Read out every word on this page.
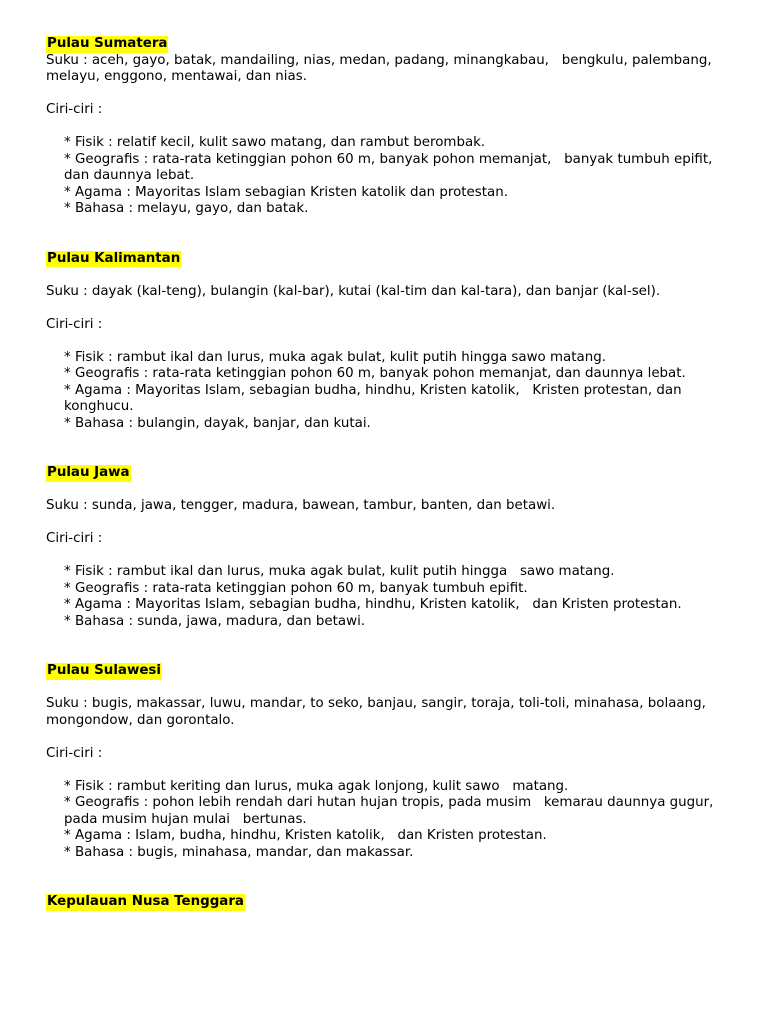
Pulau Sumatera
Suku : aceh, gayo, batak, mandailing, nias, medan, padang, minangkabau,   bengkulu, palembang, melayu, enggono, mentawai, dan nias.
Ciri-ciri :
* Fisik : relatif kecil, kulit sawo matang, dan rambut berombak.
* Geografis : rata-rata ketinggian pohon 60 m, banyak pohon memanjat,   banyak tumbuh epifit, dan daunnya lebat.
* Agama : Mayoritas Islam sebagian Kristen katolik dan protestan.
* Bahasa : melayu, gayo, dan batak.
Pulau Kalimantan
Suku : dayak (kal-teng), bulangin (kal-bar), kutai (kal-tim dan kal-tara), dan banjar (kal-sel).
Ciri-ciri :
* Fisik : rambut ikal dan lurus, muka agak bulat, kulit putih hingga sawo matang.
* Geografis : rata-rata ketinggian pohon 60 m, banyak pohon memanjat, dan daunnya lebat.
* Agama : Mayoritas Islam, sebagian budha, hindhu, Kristen katolik,   Kristen protestan, dan konghucu.
* Bahasa : bulangin, dayak, banjar, dan kutai.
Pulau Jawa
Suku : sunda, jawa, tengger, madura, bawean, tambur, banten, dan betawi.
Ciri-ciri :
* Fisik : rambut ikal dan lurus, muka agak bulat, kulit putih hingga   sawo matang.
* Geografis : rata-rata ketinggian pohon 60 m, banyak tumbuh epifit.
* Agama : Mayoritas Islam, sebagian budha, hindhu, Kristen katolik,   dan Kristen protestan.
* Bahasa : sunda, jawa, madura, dan betawi.
Pulau Sulawesi
Suku : bugis, makassar, luwu, mandar, to seko, banjau, sangir, toraja, toli-toli, minahasa, bolaang, mongondow, dan gorontalo.
Ciri-ciri :
* Fisik : rambut keriting dan lurus, muka agak lonjong, kulit sawo   matang.
* Geografis : pohon lebih rendah dari hutan hujan tropis, pada musim   kemarau daunnya gugur, pada musim hujan mulai   bertunas.
* Agama : Islam, budha, hindhu, Kristen katolik,   dan Kristen protestan.
* Bahasa : bugis, minahasa, mandar, dan makassar.
Kepulauan Nusa Tenggara
